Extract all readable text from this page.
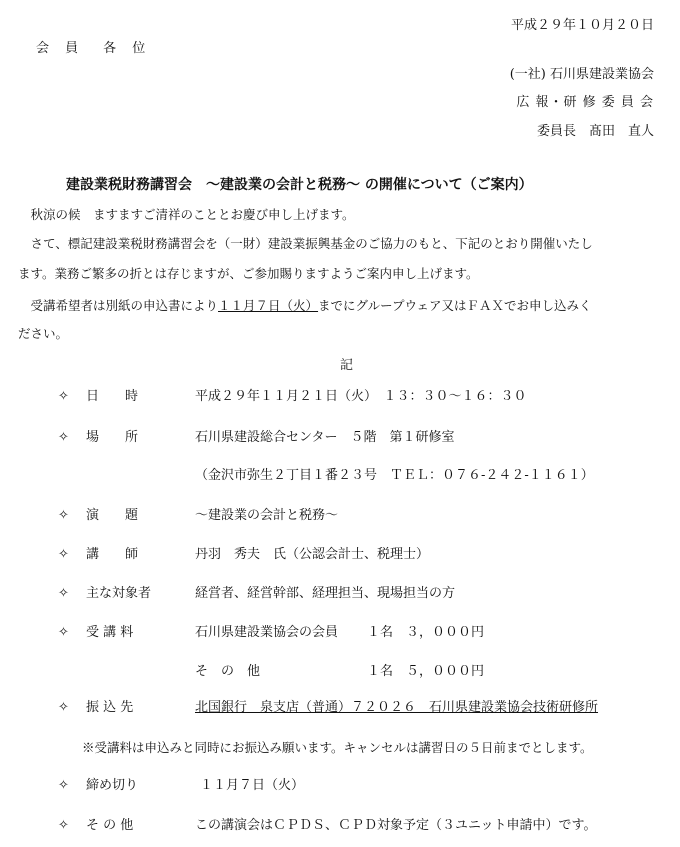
平成２９年１０月２０日
会 員　各 位
(一社) 石川県建設業協会
広 報・研 修 委 員 会
委員長　髙田　直人
建設業税財務講習会　～建設業の会計と税務～ の開催について（ご案内）
　秋涼の候　ますますご清祥のこととお慶び申し上げます。
　さて、標記建設業税財務講習会を（一財）建設業振興基金のご協力のもと、下記のとおり開催いたし
ます。業務ご繁多の折とは存じますが、ご参加賜りますようご案内申し上げます。
　受講希望者は別紙の申込書により１１月７日（火）までにグループウェア又はＦＡＸでお申し込みく
ださい。
記
✧ 日　　時	平成２９年１１月２１日（火）　１３：３０～１６：３０
✧ 場　　所	石川県建設総合センター　５階　第１研修室
（金沢市弥生２丁目１番２３号　ＴＥＬ：０７６‐２４２‐１１６１）
✧ 演　　題	～建設業の会計と税務～
✧ 講　　師	丹羽　秀夫　氏（公認会計士、税理士）
✧ 主な対象者	経営者、経営幹部、経理担当、現場担当の方
✧ 受 講 料	石川県建設業協会の会員 １名　３，０００円
そ　の　他	１名　５，０００円
✧ 振 込 先	北国銀行　泉支店（普通）７２０２６　石川県建設業協会技術研修所
※受講料は申込みと同時にお振込み願います。キャンセルは講習日の５日前までとします。
✧ 締め切り	１１月７日（火）
✧ そ の 他	この講演会はＣＰＤＳ、ＣＰＤ対象予定（３ユニット申請中）です。
